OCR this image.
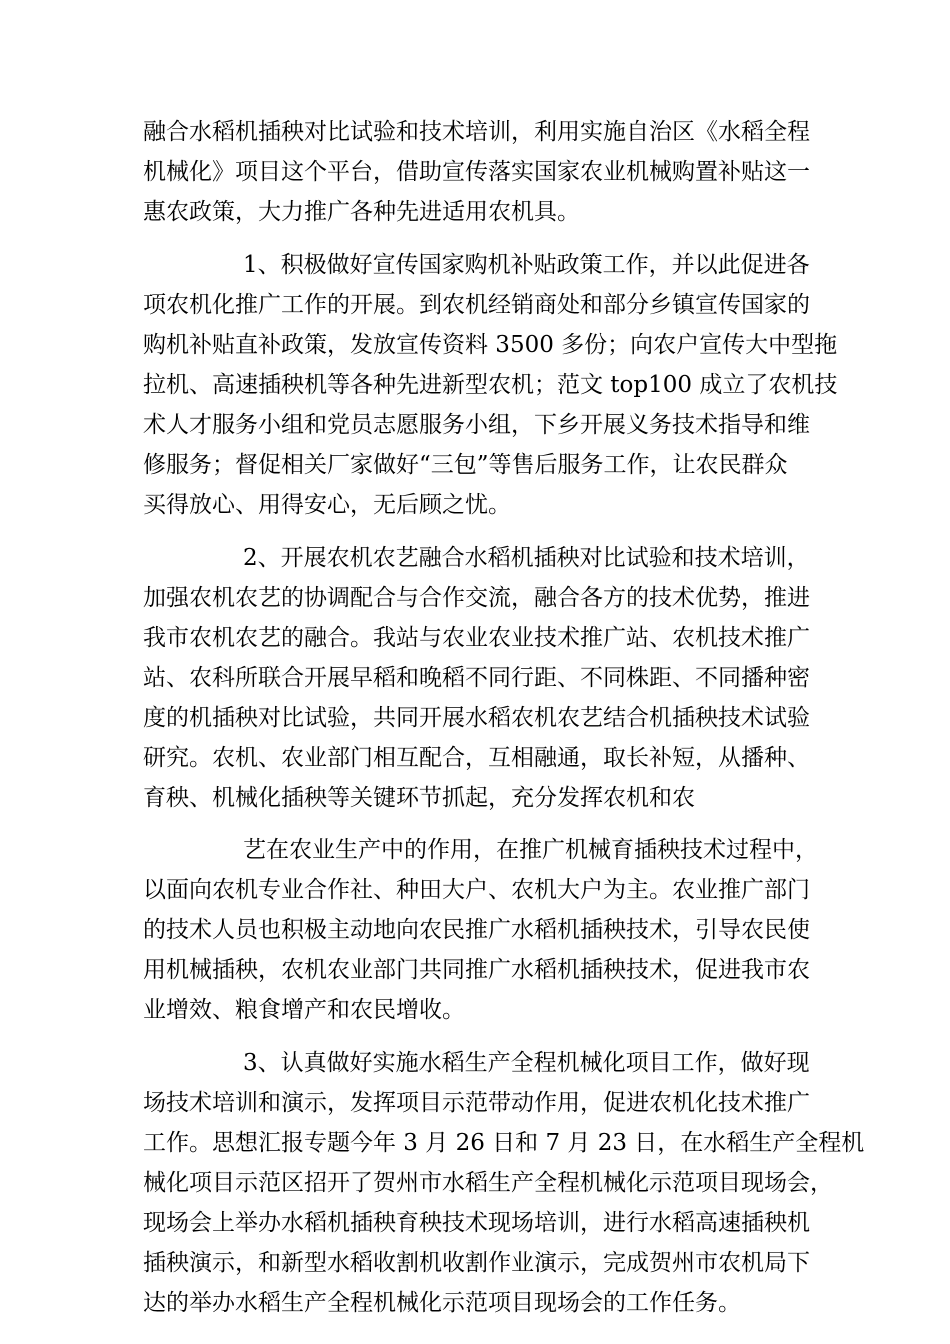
融合水稻机插秧对比试验和技术培训，利用实施自治区《水稻全程
机械化》项目这个平台，借助宣传落实国家农业机械购置补贴这一
惠农政策，大力推广各种先进适用农机具。
1、积极做好宣传国家购机补贴政策工作，并以此促进各
项农机化推广工作的开展。到农机经销商处和部分乡镇宣传国家的
购机补贴直补政策，发放宣传资料 3500 多份；向农户宣传大中型拖
拉机、高速插秧机等各种先进新型农机；范文 top100 成立了农机技
术人才服务小组和党员志愿服务小组，下乡开展义务技术指导和维
修服务；督促相关厂家做好“三包”等售后服务工作，让农民群众
买得放心、用得安心，无后顾之忧。
2、开展农机农艺融合水稻机插秧对比试验和技术培训，
加强农机农艺的协调配合与合作交流，融合各方的技术优势，推进
我市农机农艺的融合。我站与农业农业技术推广站、农机技术推广
站、农科所联合开展早稻和晚稻不同行距、不同株距、不同播种密
度的机插秧对比试验，共同开展水稻农机农艺结合机插秧技术试验
研究。农机、农业部门相互配合，互相融通，取长补短，从播种、
育秧、机械化插秧等关键环节抓起，充分发挥农机和农
艺在农业生产中的作用，在推广机械育插秧技术过程中，
以面向农机专业合作社、种田大户、农机大户为主。农业推广部门
的技术人员也积极主动地向农民推广水稻机插秧技术，引导农民使
用机械插秧，农机农业部门共同推广水稻机插秧技术，促进我市农
业增效、粮食增产和农民增收。
3、认真做好实施水稻生产全程机械化项目工作，做好现
场技术培训和演示，发挥项目示范带动作用，促进农机化技术推广
工作。思想汇报专题今年 3 月 26 日和 7 月 23 日，在水稻生产全程机
械化项目示范区招开了贺州市水稻生产全程机械化示范项目现场会，
现场会上举办水稻机插秧育秧技术现场培训，进行水稻高速插秧机
插秧演示，和新型水稻收割机收割作业演示，完成贺州市农机局下
达的举办水稻生产全程机械化示范项目现场会的工作任务。
